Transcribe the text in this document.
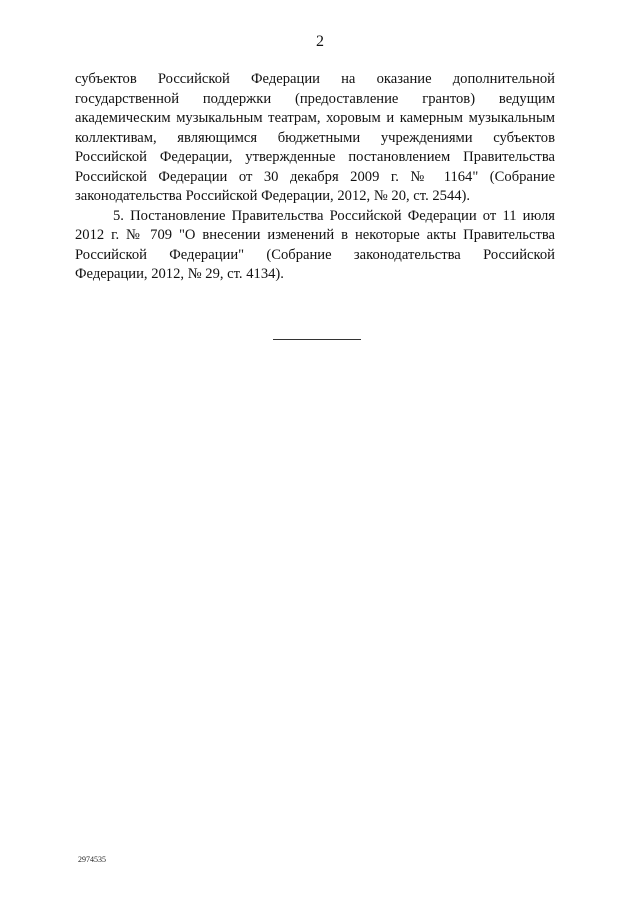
2
субъектов Российской Федерации на оказание дополнительной
государственной поддержки (предоставление грантов) ведущим
академическим музыкальным театрам, хоровым и камерным музыкальным
коллективам, являющимся бюджетными учреждениями субъектов
Российской Федерации, утвержденные постановлением Правительства
Российской Федерации от 30 декабря 2009 г. № 1164" (Собрание
законодательства Российской Федерации, 2012, № 20, ст. 2544).
5. Постановление Правительства Российской Федерации от 11 июля
2012 г. № 709 "О внесении изменений в некоторые акты Правительства
Российской Федерации" (Собрание законодательства Российской
Федерации, 2012, № 29, ст. 4134).
2974535
